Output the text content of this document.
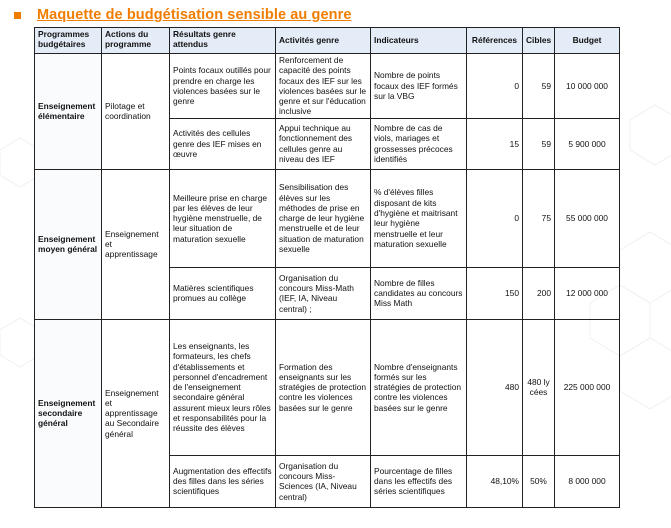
Maquette de budgétisation sensible au genre
Programmes budgétaires	Actions du programme	Résultats genre attendus	Activités genre	Indicateurs	Références	Cibles	Budget
Enseignement élémentaire	Pilotage et coordination	Points focaux outillés pour prendre en charge les violences basées sur le genre	Renforcement de capacité des points focaux des IEF sur les violences basées sur le genre et sur l'éducation inclusive	Nombre de points focaux des IEF formés sur la VBG	0	59	10 000 000
		Activités des cellules genre des IEF mises en œuvre	Appui technique au fonctionnement des cellules genre au niveau des IEF	Nombre de cas de viols, mariages et grossesses précoces identifiés	15	59	5 900 000
Enseignement moyen général	Enseignement et apprentissage	Meilleure prise en charge par les élèves de leur hygiène menstruelle, de leur situation de maturation sexuelle	Sensibilisation des élèves sur les méthodes de prise en charge de leur hygiène menstruelle et de leur situation de maturation sexuelle	% d'élèves filles disposant de kits d'hygiène et maitrisant leur hygiène menstruelle et leur maturation sexuelle	0	75	55 000 000
		Matières scientifiques promues au collège	Organisation du concours Miss-Math (IEF, IA, Niveau central) ;	Nombre de filles candidates au concours Miss Math	150	200	12 000 000
Enseignement secondaire général	Enseignement et apprentissage au Secondaire général	Les enseignants, les formateurs, les chefs d'établissements et personnel d'encadrement de l'enseignement secondaire général assurent mieux leurs rôles et responsabilités pour la réussite des élèves	Formation des enseignants sur les stratégies de protection contre les violences basées sur le genre	Nombre d'enseignants formés sur les stratégies de protection contre les violences basées sur le genre	480	480 lycées	225 000 000
		Augmentation des effectifs des filles dans les séries scientifiques	Organisation du concours Miss-Sciences (IA, Niveau central)	Pourcentage de filles dans les effectifs des séries scientifiques	48,10%	50%	8 000 000
